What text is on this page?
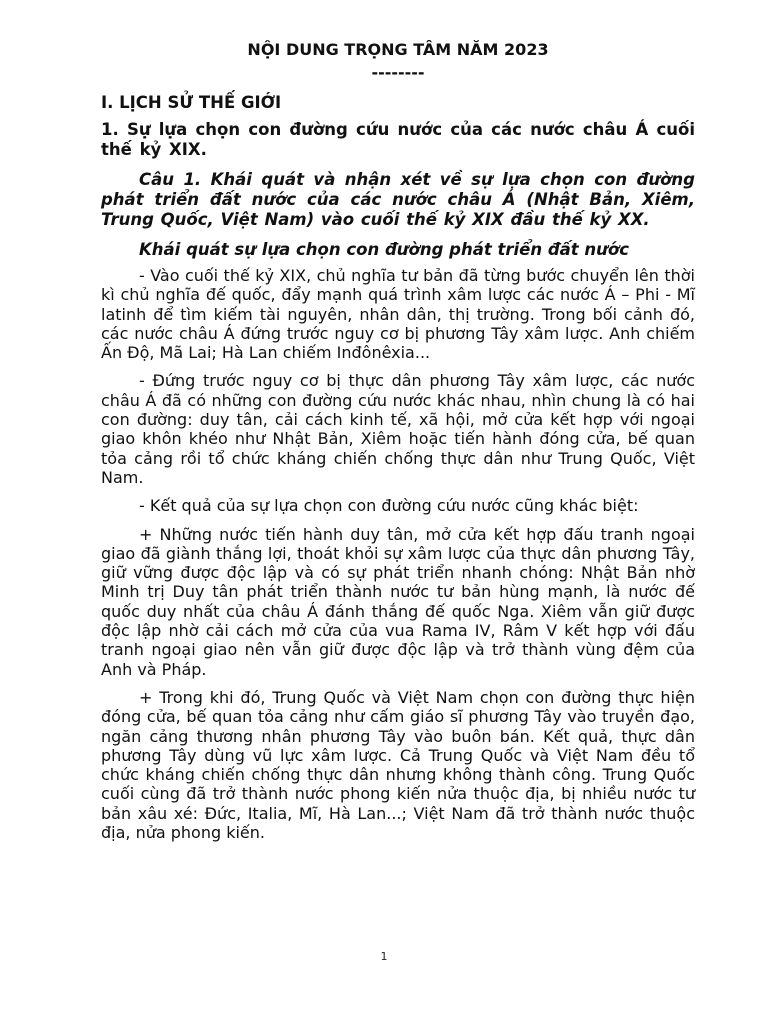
NỘI DUNG TRỌNG TÂM NĂM 2023

--------

I. LỊCH SỬ THẾ GIỚI

1. Sự lựa chọn con đường cứu nước của các nước châu Á cuối thế kỷ XIX.

Câu 1. Khái quát và nhận xét về sự lựa chọn con đường phát triển đất nước của các nước châu Á (Nhật Bản, Xiêm, Trung Quốc, Việt Nam) vào cuối thế kỷ XIX đầu thế kỷ XX.

Khái quát sự lựa chọn con đường phát triển đất nước

- Vào cuối thế kỷ XIX, chủ nghĩa tư bản đã từng bước chuyển lên thời kì chủ nghĩa đế quốc, đẩy mạnh quá trình xâm lược các nước Á – Phi - Mĩ latinh để tìm kiếm tài nguyên, nhân dân, thị trường. Trong bối cảnh đó, các nước châu Á đứng trước nguy cơ bị phương Tây xâm lược. Anh chiếm Ấn Độ, Mã Lai; Hà Lan chiếm Inđônêxia...

- Đứng trước nguy cơ bị thực dân phương Tây xâm lược, các nước châu Á đã có những con đường cứu nước khác nhau, nhìn chung là có hai con đường: duy tân, cải cách kinh tế, xã hội, mở cửa kết hợp với ngoại giao khôn khéo như Nhật Bản, Xiêm hoặc tiến hành đóng cửa, bế quan tỏa cảng rồi tổ chức kháng chiến chống thực dân như Trung Quốc, Việt Nam.

- Kết quả của sự lựa chọn con đường cứu nước cũng khác biệt:

+ Những nước tiến hành duy tân, mở cửa kết hợp đấu tranh ngoại giao đã giành thắng lợi, thoát khỏi sự xâm lược của thực dân phương Tây, giữ vững được độc lập và có sự phát triển nhanh chóng: Nhật Bản nhờ Minh trị Duy tân phát triển thành nước tư bản hùng mạnh, là nước đế quốc duy nhất của châu Á đánh thắng đế quốc Nga. Xiêm vẫn giữ được độc lập nhờ cải cách mở cửa của vua Rama IV, Râm V kết hợp với đấu tranh ngoại giao nên vẫn giữ được độc lập và trở thành vùng đệm của Anh và Pháp.

+ Trong khi đó, Trung Quốc và Việt Nam chọn con đường thực hiện đóng cửa, bế quan tỏa cảng như cấm giáo sĩ phương Tây vào truyền đạo, ngăn cảng thương nhân phương Tây vào buôn bán. Kết quả, thực dân phương Tây dùng vũ lực xâm lược. Cả Trung Quốc và Việt Nam đều tổ chức kháng chiến chống thực dân nhưng không thành công. Trung Quốc cuối cùng đã trở thành nước phong kiến nửa thuộc địa, bị nhiều nước tư bản xâu xé: Đức, Italia, Mĩ, Hà Lan...; Việt Nam đã trở thành nước thuộc địa, nửa phong kiến.

1
